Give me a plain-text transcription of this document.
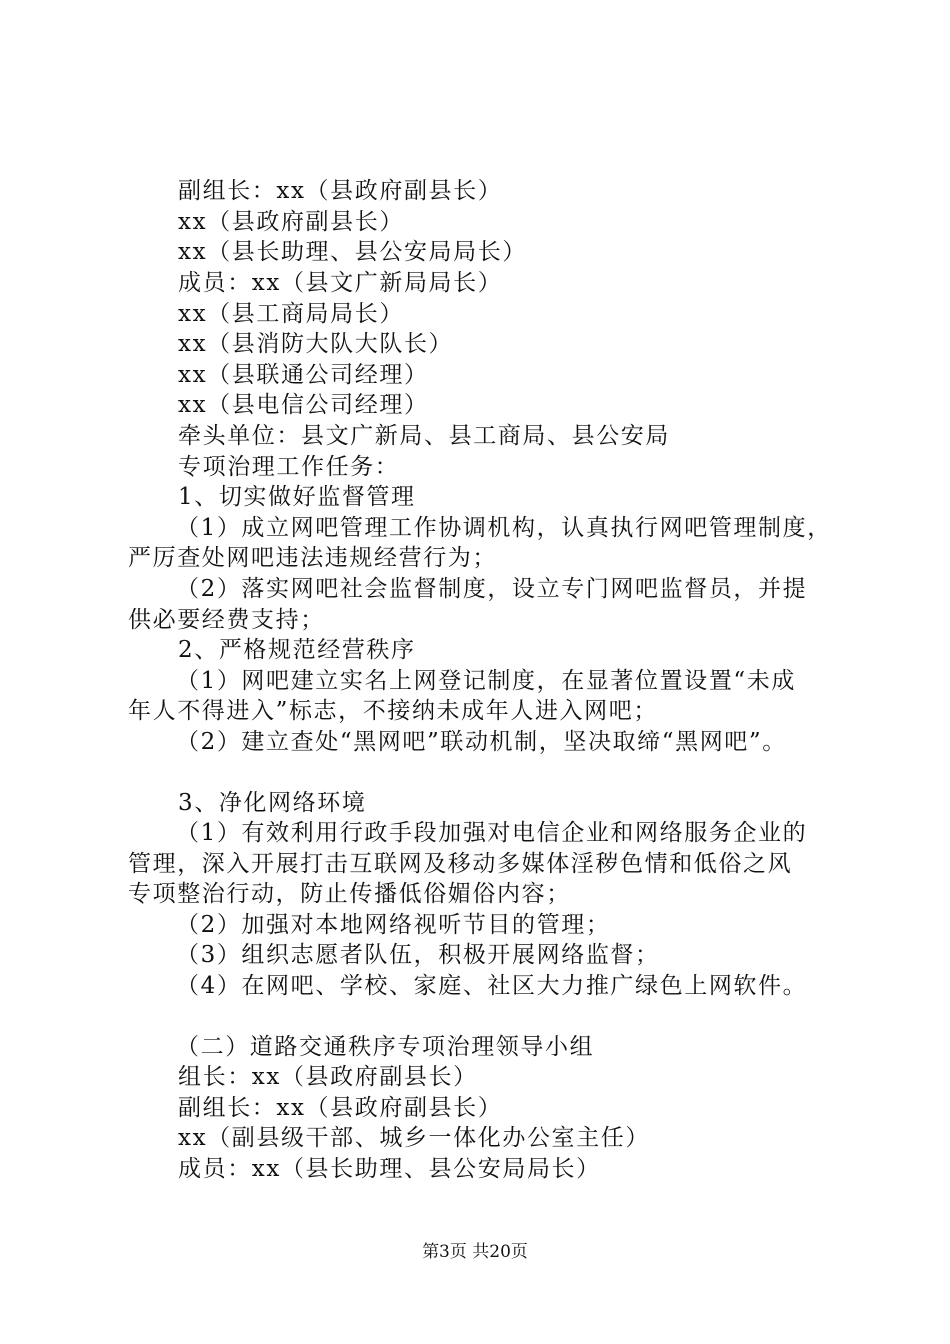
副组长：xx（县政府副县长）
xx（县政府副县长）
xx（县长助理、县公安局局长）
成员：xx（县文广新局局长）
xx（县工商局局长）
xx（县消防大队大队长）
xx（县联通公司经理）
xx（县电信公司经理）
牵头单位：县文广新局、县工商局、县公安局
专项治理工作任务：
1、切实做好监督管理
（1）成立网吧管理工作协调机构，认真执行网吧管理制度，
严厉查处网吧违法违规经营行为；
（2）落实网吧社会监督制度，设立专门网吧监督员，并提
供必要经费支持；
2、严格规范经营秩序
（1）网吧建立实名上网登记制度，在显著位置设置“未成
年人不得进入”标志，不接纳未成年人进入网吧；
（2）建立查处“黑网吧”联动机制，坚决取缔“黑网吧”。
3、净化网络环境
（1）有效利用行政手段加强对电信企业和网络服务企业的
管理，深入开展打击互联网及移动多媒体淫秽色情和低俗之风
专项整治行动，防止传播低俗媚俗内容；
（2）加强对本地网络视听节目的管理；
（3）组织志愿者队伍，积极开展网络监督；
（4）在网吧、学校、家庭、社区大力推广绿色上网软件。
（二）道路交通秩序专项治理领导小组
组长：xx（县政府副县长）
副组长：xx（县政府副县长）
xx（副县级干部、城乡一体化办公室主任）
成员：xx（县长助理、县公安局局长）
第3页 共20页
